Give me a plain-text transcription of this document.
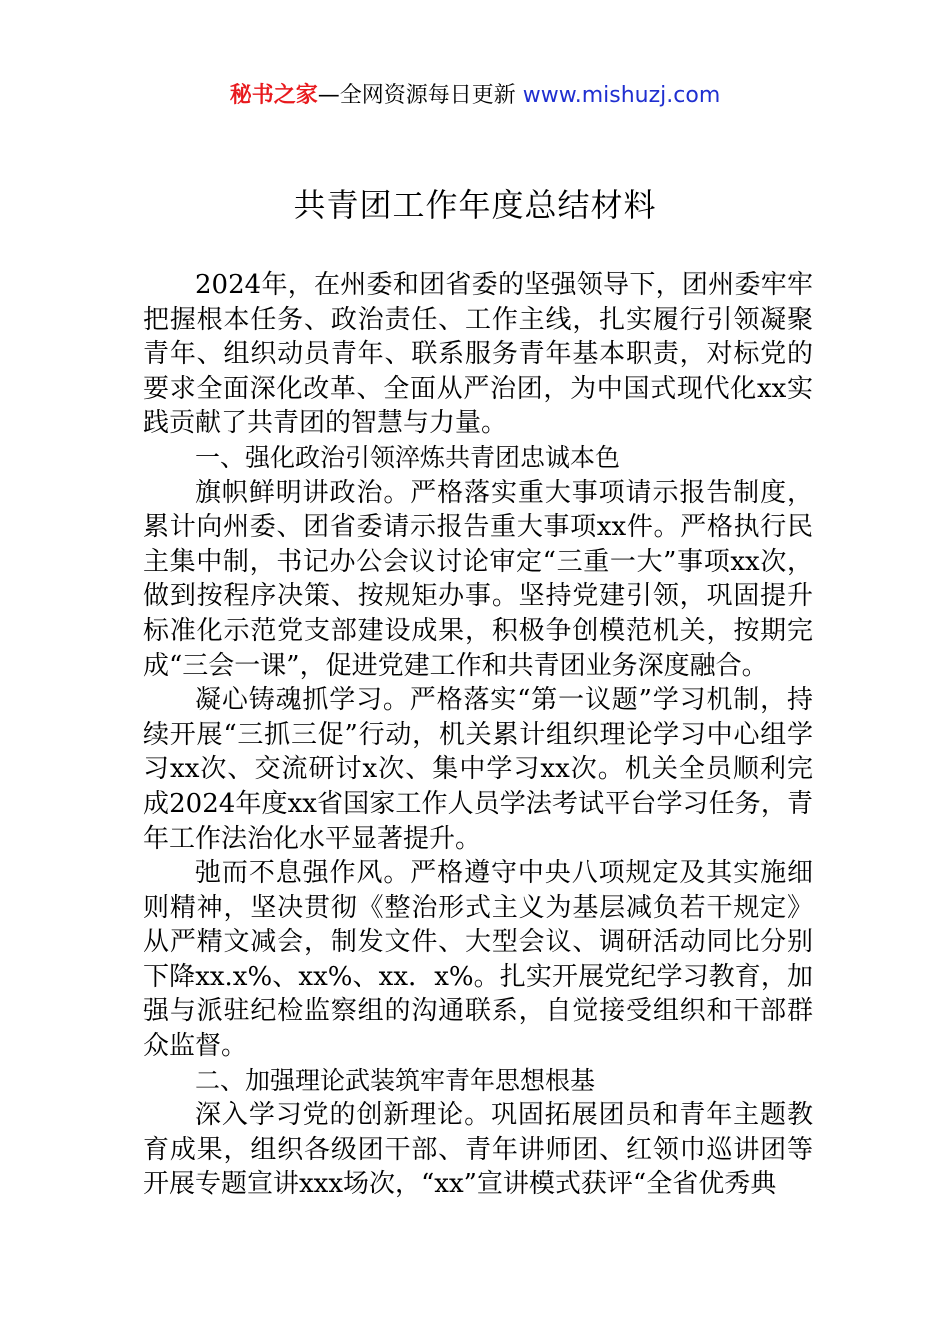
秘书之家—全网资源每日更新 www.mishuzj.com
共青团工作年度总结材料

2024年，在州委和团省委的坚强领导下，团州委牢牢把握根本任务、政治责任、工作主线，扎实履行引领凝聚青年、组织动员青年、联系服务青年基本职责，对标党的要求全面深化改革、全面从严治团，为中国式现代化xx实践贡献了共青团的智慧与力量。

一、强化政治引领淬炼共青团忠诚本色

旗帜鲜明讲政治。严格落实重大事项请示报告制度，累计向州委、团省委请示报告重大事项xx件。严格执行民主集中制，书记办公会议讨论审定“三重一大”事项xx次，做到按程序决策、按规矩办事。坚持党建引领，巩固提升标准化示范党支部建设成果，积极争创模范机关，按期完成“三会一课”，促进党建工作和共青团业务深度融合。

凝心铸魂抓学习。严格落实“第一议题”学习机制，持续开展“三抓三促”行动，机关累计组织理论学习中心组学习xx次、交流研讨x次、集中学习xx次。机关全员顺利完成2024年度xx省国家工作人员学法考试平台学习任务，青年工作法治化水平显著提升。

弛而不息强作风。严格遵守中央八项规定及其实施细则精神，坚决贯彻《整治形式主义为基层减负若干规定》从严精文减会，制发文件、大型会议、调研活动同比分别下降xx.x%、xx%、xx．x%。扎实开展党纪学习教育，加强与派驻纪检监察组的沟通联系，自觉接受组织和干部群众监督。

二、加强理论武装筑牢青年思想根基

深入学习党的创新理论。巩固拓展团员和青年主题教育成果，组织各级团干部、青年讲师团、红领巾巡讲团等开展专题宣讲xxx场次，“xx”宣讲模式获评“全省优秀典
